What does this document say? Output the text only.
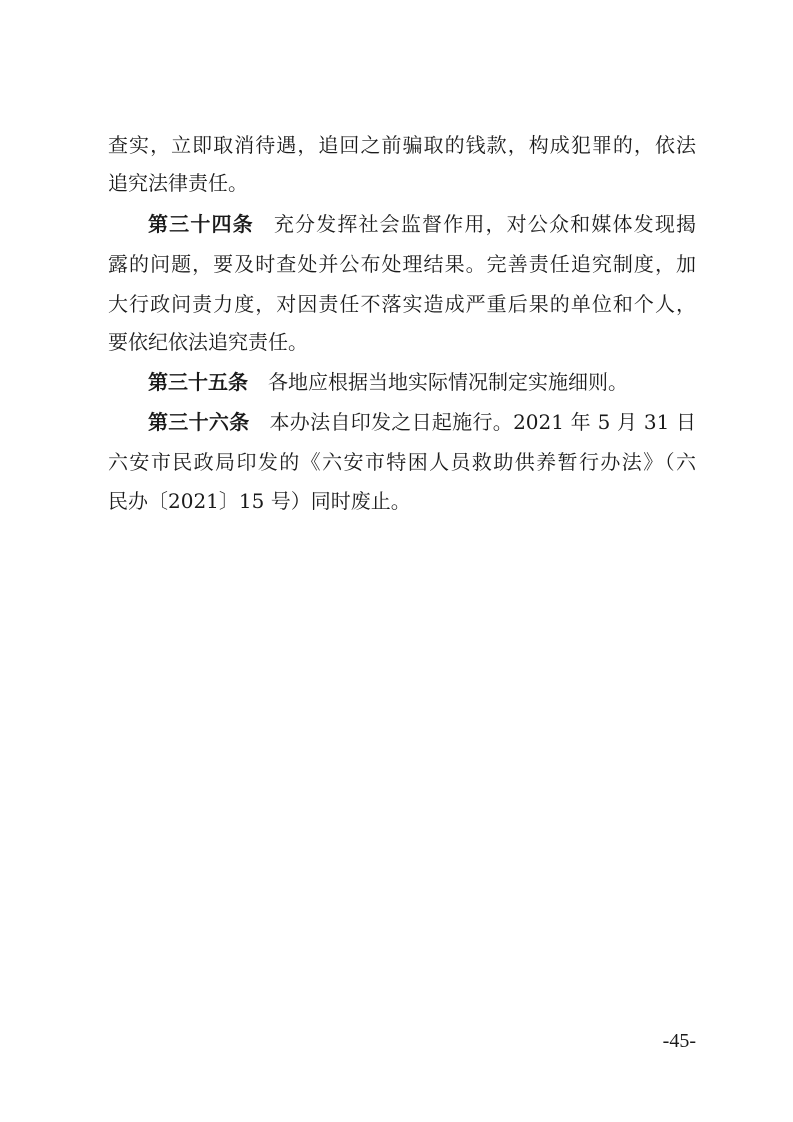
查实，立即取消待遇，追回之前骗取的钱款，构成犯罪的，依法
追究法律责任。
第三十四条 充分发挥社会监督作用，对公众和媒体发现揭
露的问题，要及时查处并公布处理结果。完善责任追究制度，加
大行政问责力度，对因责任不落实造成严重后果的单位和个人，
要依纪依法追究责任。
第三十五条 各地应根据当地实际情况制定实施细则。
第三十六条 本办法自印发之日起施行。2021 年 5 月 31 日
六安市民政局印发的《六安市特困人员救助供养暂行办法》（六
民办〔2021〕15 号）同时废止。
-45-
